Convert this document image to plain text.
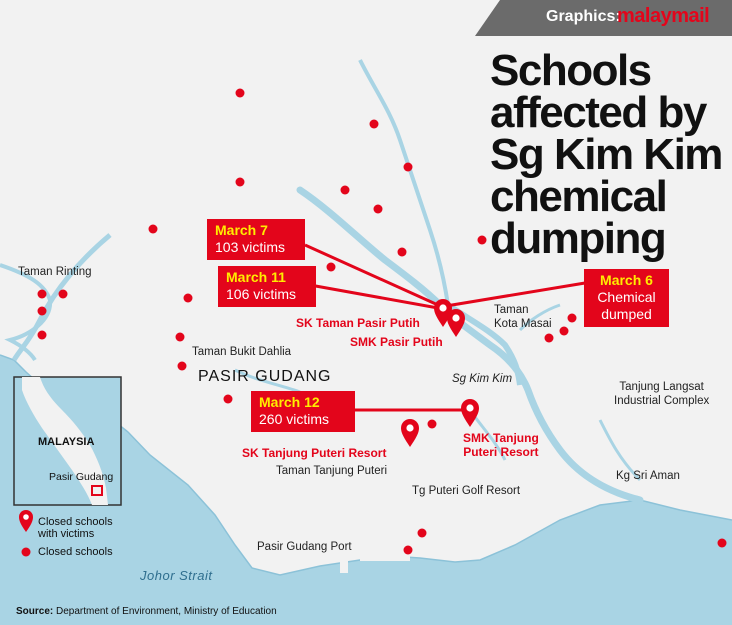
Graphics:
malaymail
Schools
affected by
Sg Kim Kim
chemical
dumping
Taman Rinting
Taman Bukit Dahlia
PASIR GUDANG
Taman Tanjung Puteri
Tg Puteri Golf Resort
Pasir Gudang Port
Johor Strait
Taman
Kota Masai
Sg Kim Kim
Tanjung Langsat
Industrial Complex
Kg Sri Aman
March 7
103 victims
March 11
106 victims
March 6
Chemical
dumped
March 12
260 victims
SK Taman Pasir Putih
SMK Pasir Putih
SK Tanjung Puteri Resort
SMK Tanjung
Puteri Resort
MALAYSIA
Pasir Gudang
Closed schools
with victims
Closed schools
Source: Department of Environment, Ministry of Education
